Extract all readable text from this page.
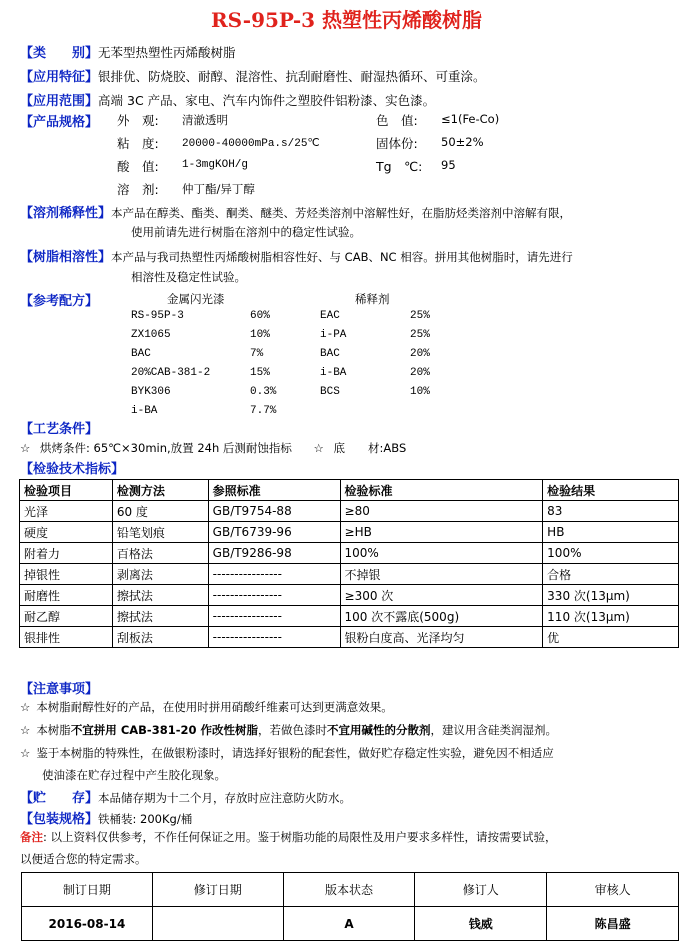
RS-95P-3 热塑性丙烯酸树脂
【类　　别】无苯型热塑性丙烯酸树脂
【应用特征】银排优、防烧胶、耐醇、混溶性、抗刮耐磨性、耐湿热循环、可重涂。
【应用范围】高端 3C 产品、家电、汽车内饰件之塑胶件铝粉漆、实色漆。
【产品规格】 外　观: 清澈透明	色　值: ≤1(Fe-Co)
粘　度: 20000-40000mPa.s/25℃	固体份: 50±2%
酸　值: 1-3mgKOH/g	Tg　℃: 95
溶　剂: 仲丁酯/异丁醇
【溶剂稀释性】本产品在醇类、酯类、酮类、醚类、芳烃类溶剂中溶解性好，在脂肪烃类溶剂中溶解有限，
使用前请先进行树脂在溶剂中的稳定性试验。
【树脂相溶性】本产品与我司热塑性丙烯酸树脂相容性好、与 CAB、NC 相容。拼用其他树脂时，请先进行
相溶性及稳定性试验。
【参考配方】	金属闪光漆	稀释剂
RS-95P-3	60%
ZX1065	10%
BAC	7%
20%CAB-381-2	15%
BYK306	0.3%
i-BA	7.7%
EAC	25%
i-PA	25%
BAC	20%
i-BA	20%
BCS	10%
【工艺条件】
☆ 烘烤条件: 65℃×30min,放置 24h 后测耐蚀指标 ☆ 底　　材:ABS
【检验技术指标】
检验项目	检测方法	参照标准	检验标准	检验结果
光泽	60 度	GB/T9754-88	≥80	83
硬度	铅笔划痕	GB/T6739-96	≥HB	HB
附着力	百格法	GB/T9286-98	100%	100%
掉银性	剥离法	----------------	不掉银	合格
耐磨性	擦拭法	----------------	≥300 次	330 次(13μm)
耐乙醇	擦拭法	----------------	100 次不露底(500g)	110 次(13μm)
银排性	刮板法	----------------	银粉白度高、光泽均匀	优
【注意事项】
☆ 本树脂耐醇性好的产品，在使用时拼用硝酸纤维素可达到更满意效果。
☆ 本树脂不宜拼用 CAB-381-20 作改性树脂，若做色漆时不宜用碱性的分散剂，建议用含硅类润湿剂。
☆ 鉴于本树脂的特殊性，在做银粉漆时，请选择好银粉的配套性，做好贮存稳定性实验，避免因不相适应
使油漆在贮存过程中产生胶化现象。
【贮　　存】本品储存期为十二个月，存放时应注意防火防水。
【包装规格】铁桶装: 200Kg/桶
备注: 以上资料仅供参考，不作任何保证之用。鉴于树脂功能的局限性及用户要求多样性，请按需要试验，
以便适合您的特定需求。
制订日期	修订日期	版本状态	修订人	审核人
2016-08-14		A	钱威	陈昌盛
